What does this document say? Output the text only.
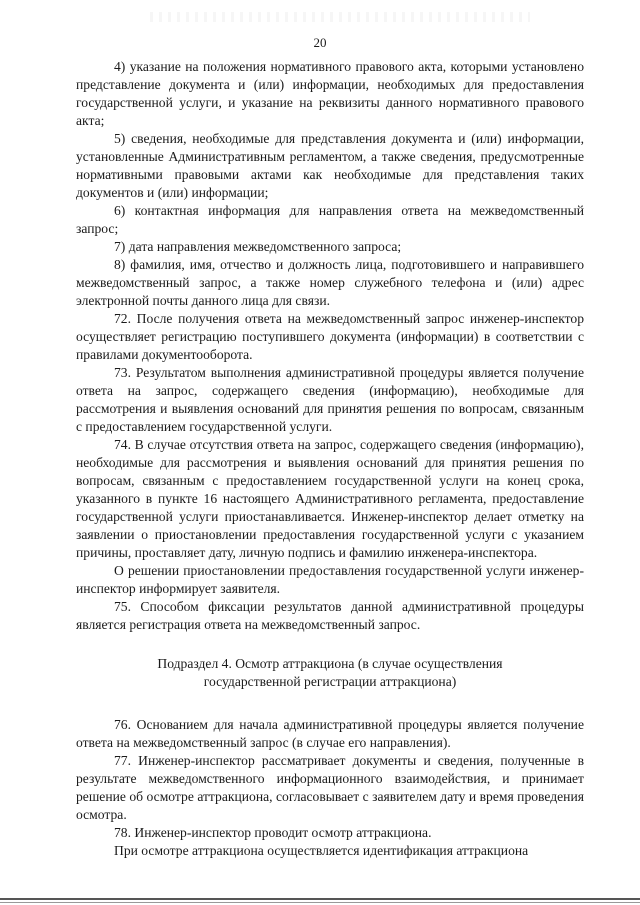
20

4) указание на положения нормативного правового акта, которыми установлено представление документа и (или) информации, необходимых для предоставления государственной услуги, и указание на реквизиты данного нормативного правового акта;

5) сведения, необходимые для представления документа и (или) информации, установленные Административным регламентом, а также сведения, предусмотренные нормативными правовыми актами как необходимые для представления таких документов и (или) информации;

6) контактная информация для направления ответа на межведомственный запрос;

7) дата направления межведомственного запроса;

8) фамилия, имя, отчество и должность лица, подготовившего и направившего межведомственный запрос, а также номер служебного телефона и (или) адрес электронной почты данного лица для связи.

72. После получения ответа на межведомственный запрос инженер-инспектор осуществляет регистрацию поступившего документа (информации) в соответствии с правилами документооборота.

73. Результатом выполнения административной процедуры является получение ответа на запрос, содержащего сведения (информацию), необходимые для рассмотрения и выявления оснований для принятия решения по вопросам, связанным с предоставлением государственной услуги.

74. В случае отсутствия ответа на запрос, содержащего сведения (информацию), необходимые для рассмотрения и выявления оснований для принятия решения по вопросам, связанным с предоставлением государственной услуги на конец срока, указанного в пункте 16 настоящего Административного регламента, предоставление государственной услуги приостанавливается. Инженер-инспектор делает отметку на заявлении о приостановлении предоставления государственной услуги с указанием причины, проставляет дату, личную подпись и фамилию инженера-инспектора.

О решении приостановлении предоставления государственной услуги инженер-инспектор информирует заявителя.

75. Способом фиксации результатов данной административной процедуры является регистрация ответа на межведомственный запрос.

Подраздел 4. Осмотр аттракциона (в случае осуществления государственной регистрации аттракциона)

76. Основанием для начала административной процедуры является получение ответа на межведомственный запрос (в случае его направления).

77. Инженер-инспектор рассматривает документы и сведения, полученные в результате межведомственного информационного взаимодействия, и принимает решение об осмотре аттракциона, согласовывает с заявителем дату и время проведения осмотра.

78. Инженер-инспектор проводит осмотр аттракциона.

При осмотре аттракциона осуществляется идентификация аттракциона
